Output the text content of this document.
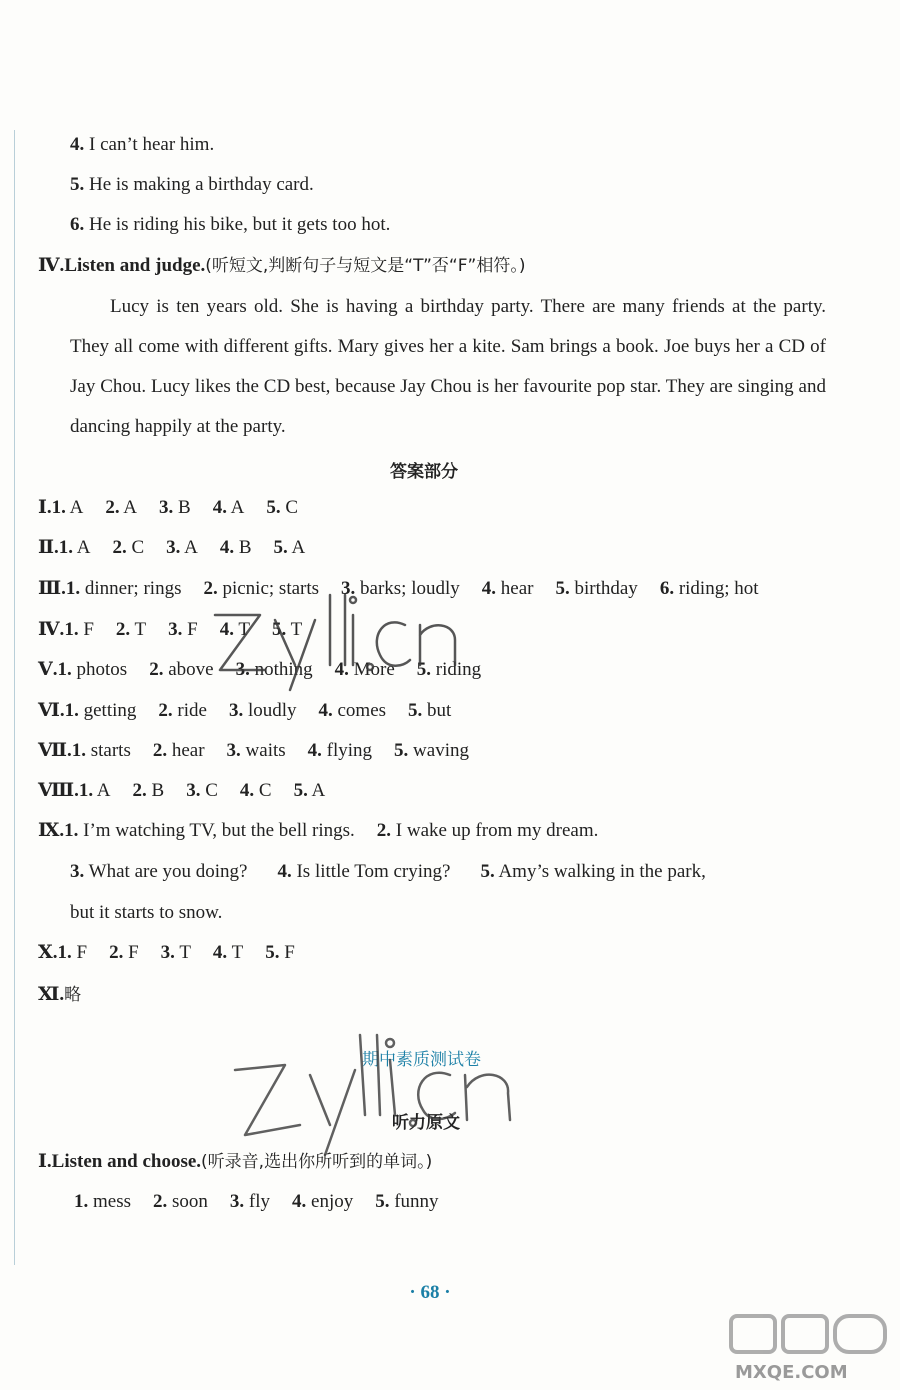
4. I can’t hear him.
5. He is making a birthday card.
6. He is riding his bike, but it gets too hot.
Ⅳ.Listen and judge.(听短文,判断句子与短文是“T”否“F”相符。)
Lucy is ten years old. She is having a birthday party. There are many friends at the party. They all come with different gifts. Mary gives her a kite. Sam brings a book. Joe buys her a CD of Jay Chou. Lucy likes the CD best, because Jay Chou is her favourite pop star. They are singing and dancing happily at the party.
答案部分
Ⅰ.1. A 2. A 3. B 4. A 5. C
Ⅱ.1. A 2. C 3. A 4. B 5. A
Ⅲ.1. dinner; rings 2. picnic; starts 3. barks; loudly 4. hear 5. birthday 6. riding; hot
Ⅳ.1. F 2. T 3. F 4. T 5. T
Ⅴ.1. photos 2. above 3. nothing 4. More 5. riding
Ⅵ.1. getting 2. ride 3. loudly 4. comes 5. but
Ⅶ.1. starts 2. hear 3. waits 4. flying 5. waving
Ⅷ.1. A 2. B 3. C 4. C 5. A
Ⅸ.1. I’m watching TV, but the bell rings. 2. I wake up from my dream.
3. What are you doing? 4. Is little Tom crying? 5. Amy’s walking in the park,
but it starts to snow.
Ⅹ.1. F 2. F 3. T 4. T 5. F
Ⅺ.略
期中素质测试卷
听力原文
Ⅰ.Listen and choose.(听录音,选出你所听到的单词。)
1. mess 2. soon 3. fly 4. enjoy 5. funny
· 68 ·
MXQE.COM
